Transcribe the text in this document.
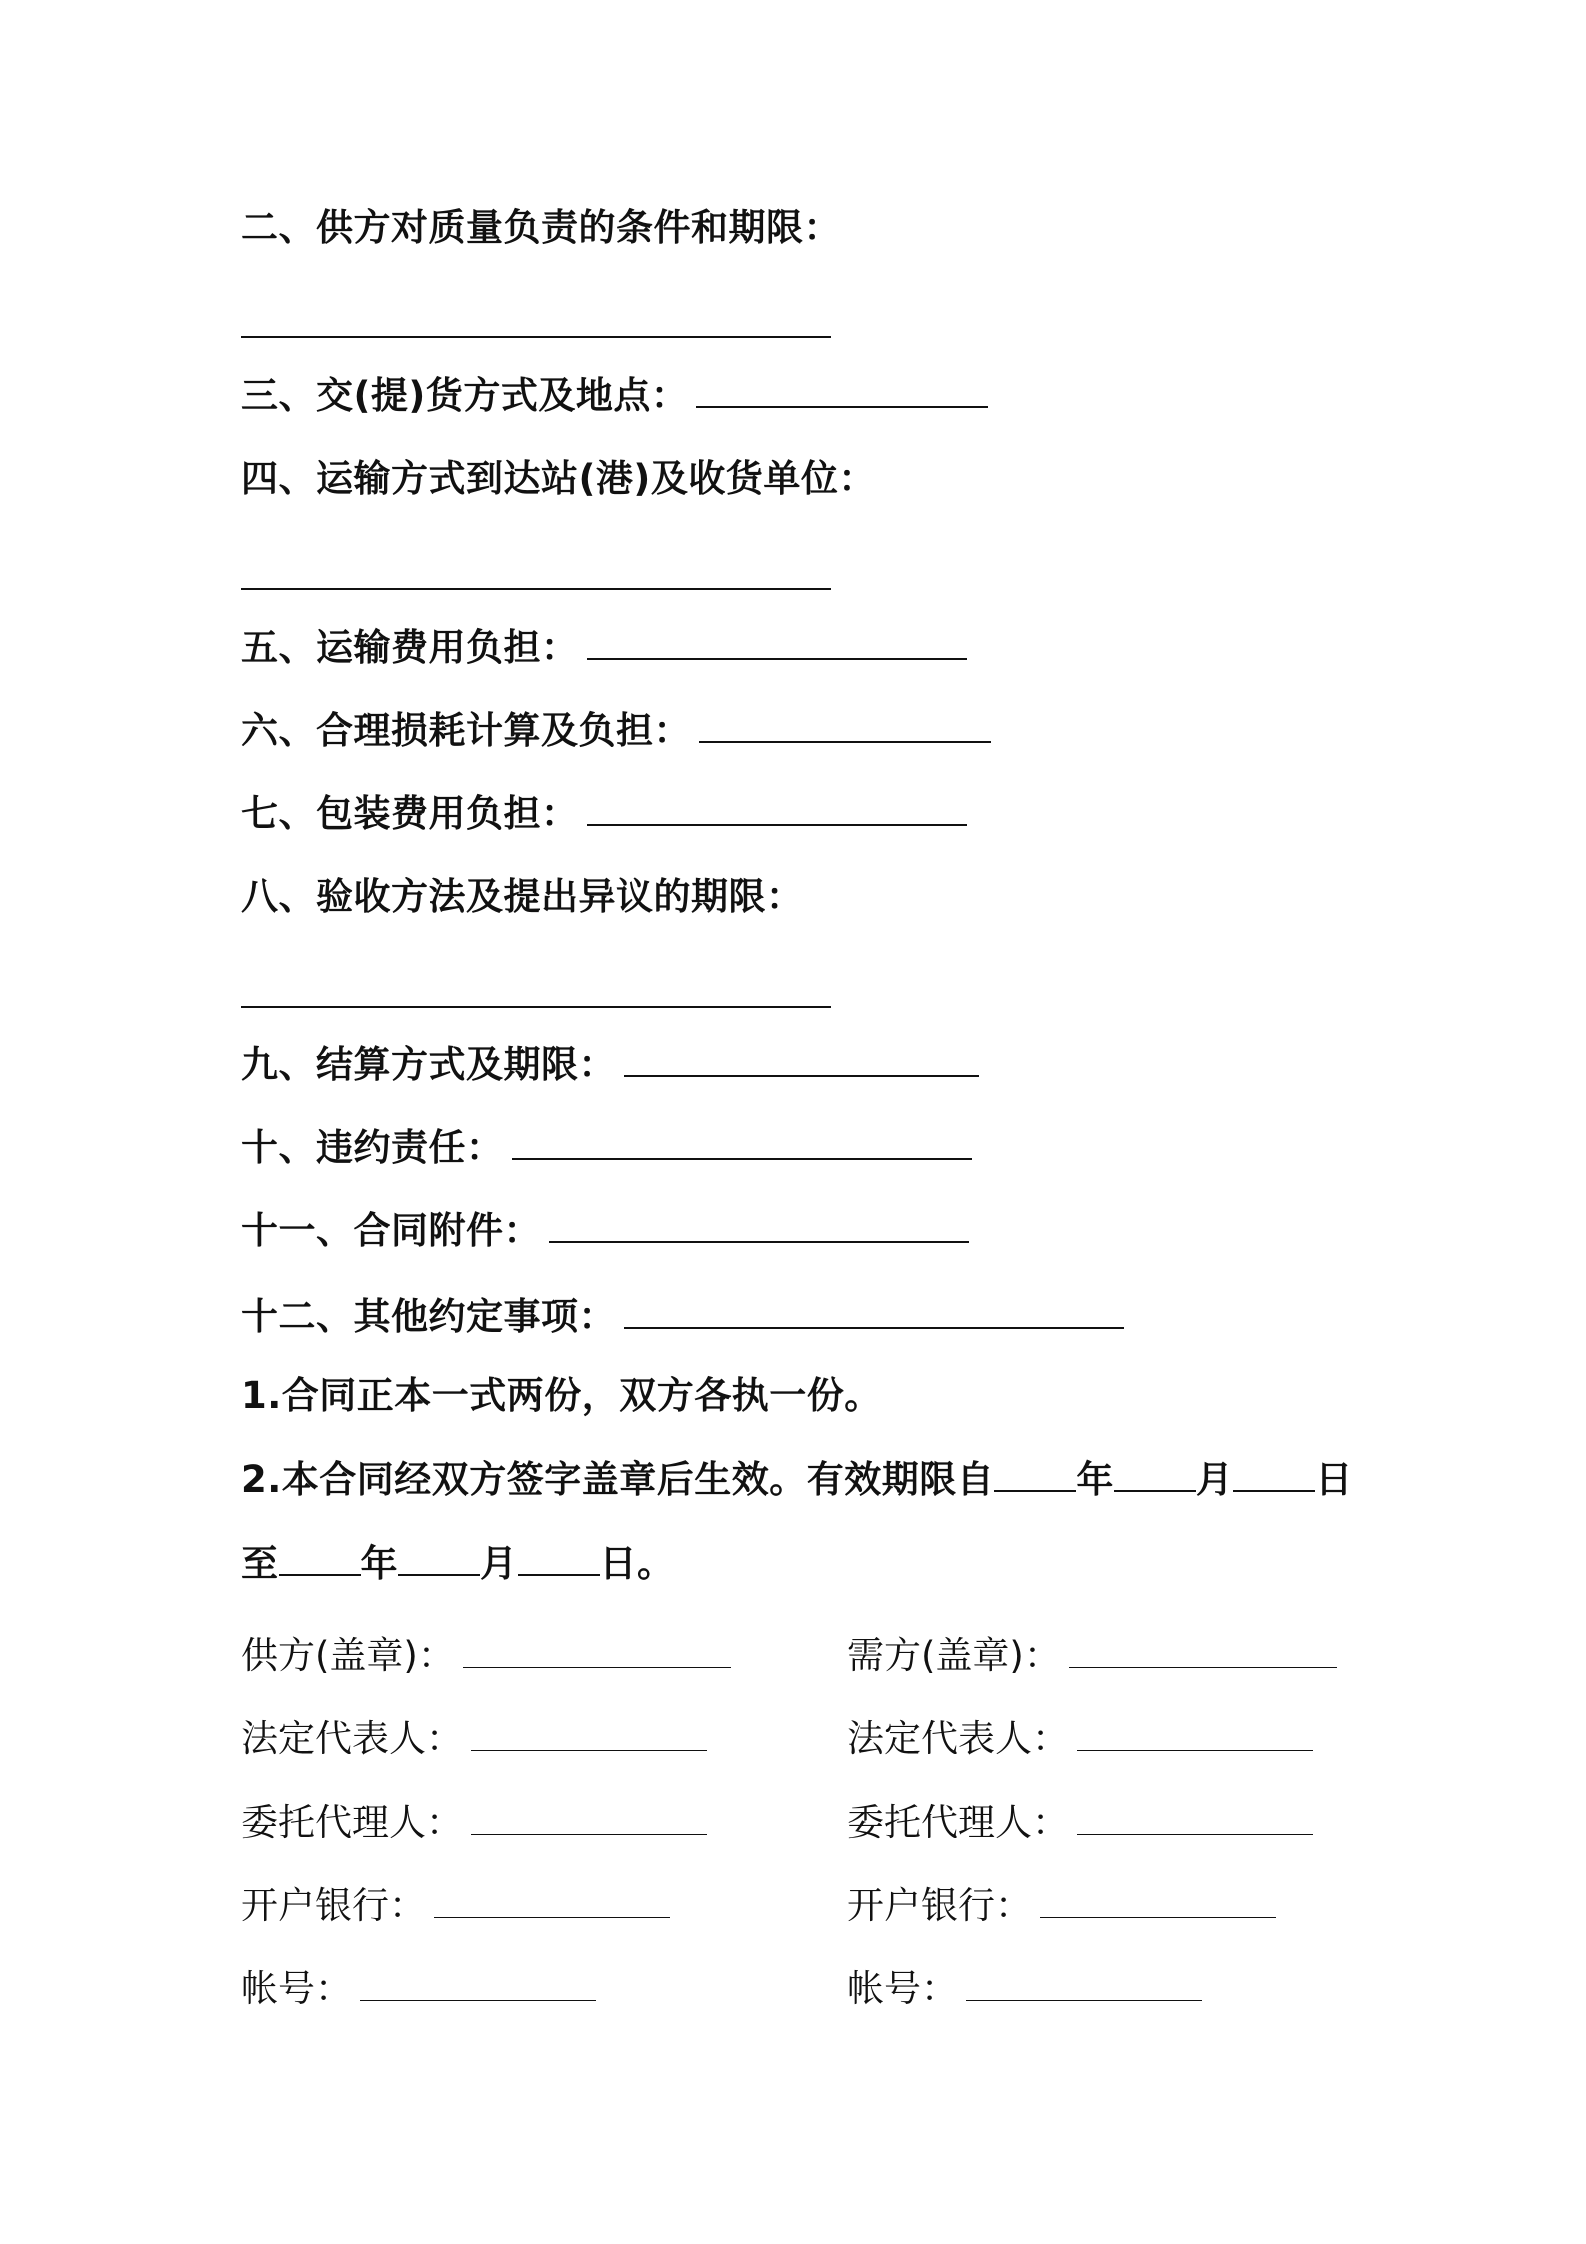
二、供方对质量负责的条件和期限：
三、交(提)货方式及地点：
四、运输方式到达站(港)及收货单位：
五、运输费用负担：
六、合理损耗计算及负担：
七、包装费用负担：
八、验收方法及提出异议的期限：
九、结算方式及期限：
十、违约责任：
十一、合同附件：
十二、其他约定事项：
1.合同正本一式两份，双方各执一份。
2.本合同经双方签字盖章后生效。有效期限自 年 月 日
至 年 月 日。
供方(盖章)：
法定代表人：
委托代理人：
开户银行：
帐号：
需方(盖章)：
法定代表人：
委托代理人：
开户银行：
帐号：
